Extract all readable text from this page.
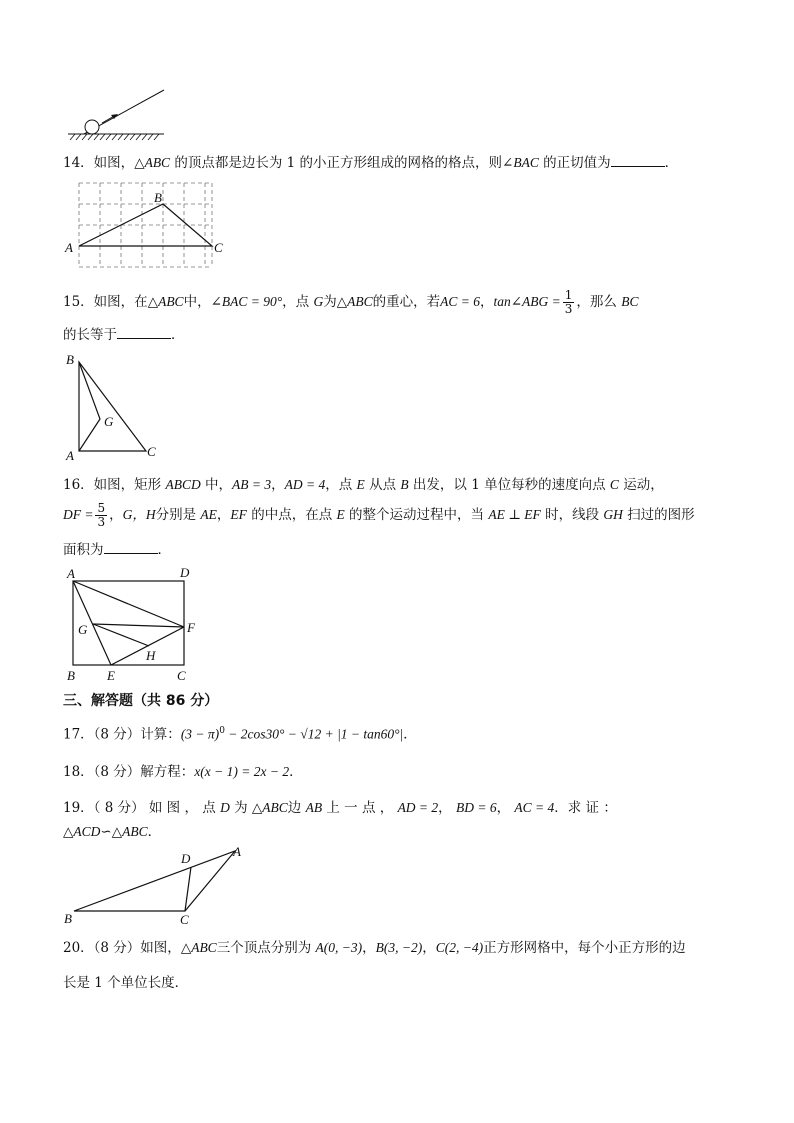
14．如图，△ABC 的顶点都是边长为 1 的小正方形组成的网格的格点，则∠BAC 的正切值为	．
A
B
C
15．如图，在△ABC中，∠BAC = 90°，点 G为△ABC的重心，若AC = 6，tan∠ABG = $\frac{1}{3}$ ，那么 BC
的长等于	．
B
G
A	C
16．如图，矩形 ABCD 中，AB = 3，AD = 4，点 E 从点 B 出发，以 1 单位每秒的速度向点 C 运动，
DF = $\frac{5}{3}$ ，G，H分别是 AE，EF 的中点，在点 E 的整个运动过程中，当 AE ⊥ EF 时，线段 GH 扫过的图形
面积为	．
A	D
G	F
H
B E	C
三、解答题（共 86 分）
17．（8 分）计算：$(3 - \pi)^0 - 2\cos 30^\circ - √12 + |1 - \tan 60^\circ|$．
18．（8 分）解方程：x(x − 1) = 2x − 2．
19．（ 8 分） 如 图 ， 点 D 为 △ABC边 AB 上 一 点 ， AD = 2， BD = 6， AC = 4．求 证 ：
△ACD∽△ABC．
A
D
B	C
20．（8 分）如图，△ABC三个顶点分别为 A(0, −3)，B(3, −2)，C(2, −4)正方形网格中，每个小正方形的边
长是 1 个单位长度．
